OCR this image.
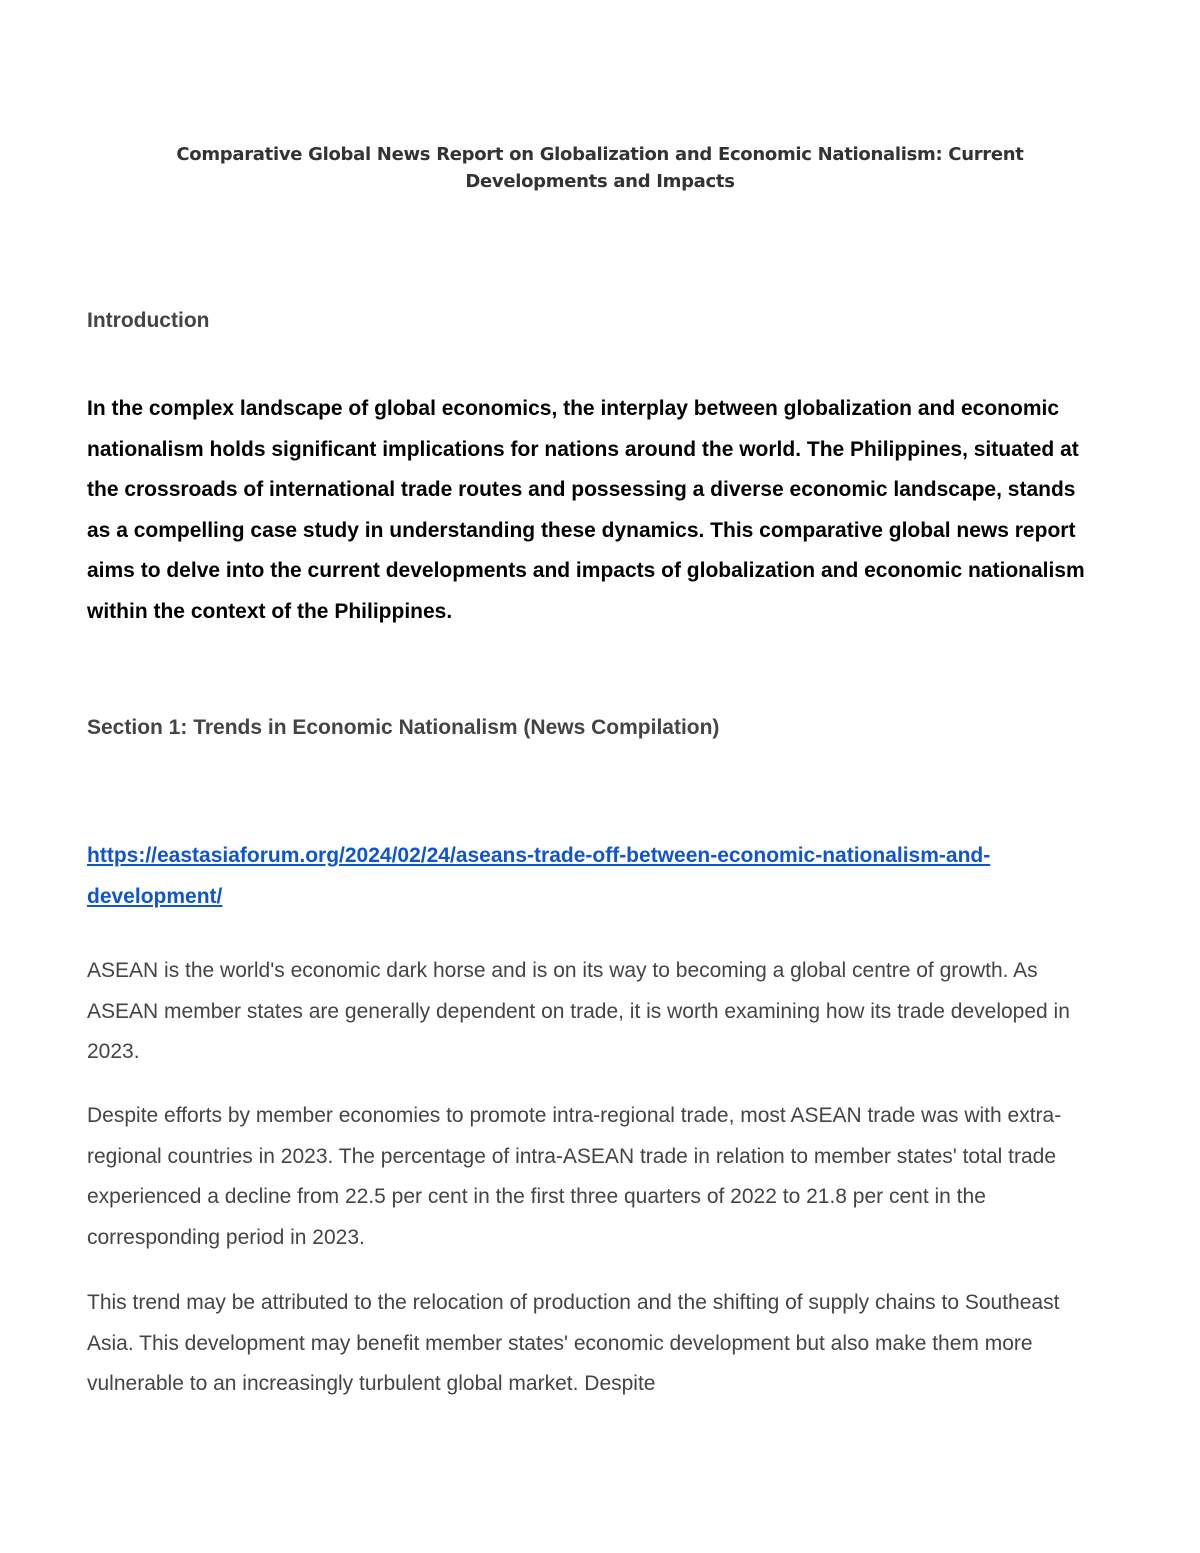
Comparative Global News Report on Globalization and Economic Nationalism: Current Developments and Impacts
Introduction

In the complex landscape of global economics, the interplay between globalization and economic nationalism holds significant implications for nations around the world. The Philippines, situated at the crossroads of international trade routes and possessing a diverse economic landscape, stands as a compelling case study in understanding these dynamics. This comparative global news report aims to delve into the current developments and impacts of globalization and economic nationalism within the context of the Philippines.

Section 1: Trends in Economic Nationalism (News Compilation)
https://eastasiaforum.org/2024/02/24/aseans-trade-off-between-economic-nationalism-and-development/

ASEAN is the world's economic dark horse and is on its way to becoming a global centre of growth. As ASEAN member states are generally dependent on trade, it is worth examining how its trade developed in 2023.

Despite efforts by member economies to promote intra-regional trade, most ASEAN trade was with extra-regional countries in 2023. The percentage of intra-ASEAN trade in relation to member states' total trade experienced a decline from 22.5 per cent in the first three quarters of 2022 to 21.8 per cent in the corresponding period in 2023.

This trend may be attributed to the relocation of production and the shifting of supply chains to Southeast Asia. This development may benefit member states' economic development but also make them more vulnerable to an increasingly turbulent global market. Despite
